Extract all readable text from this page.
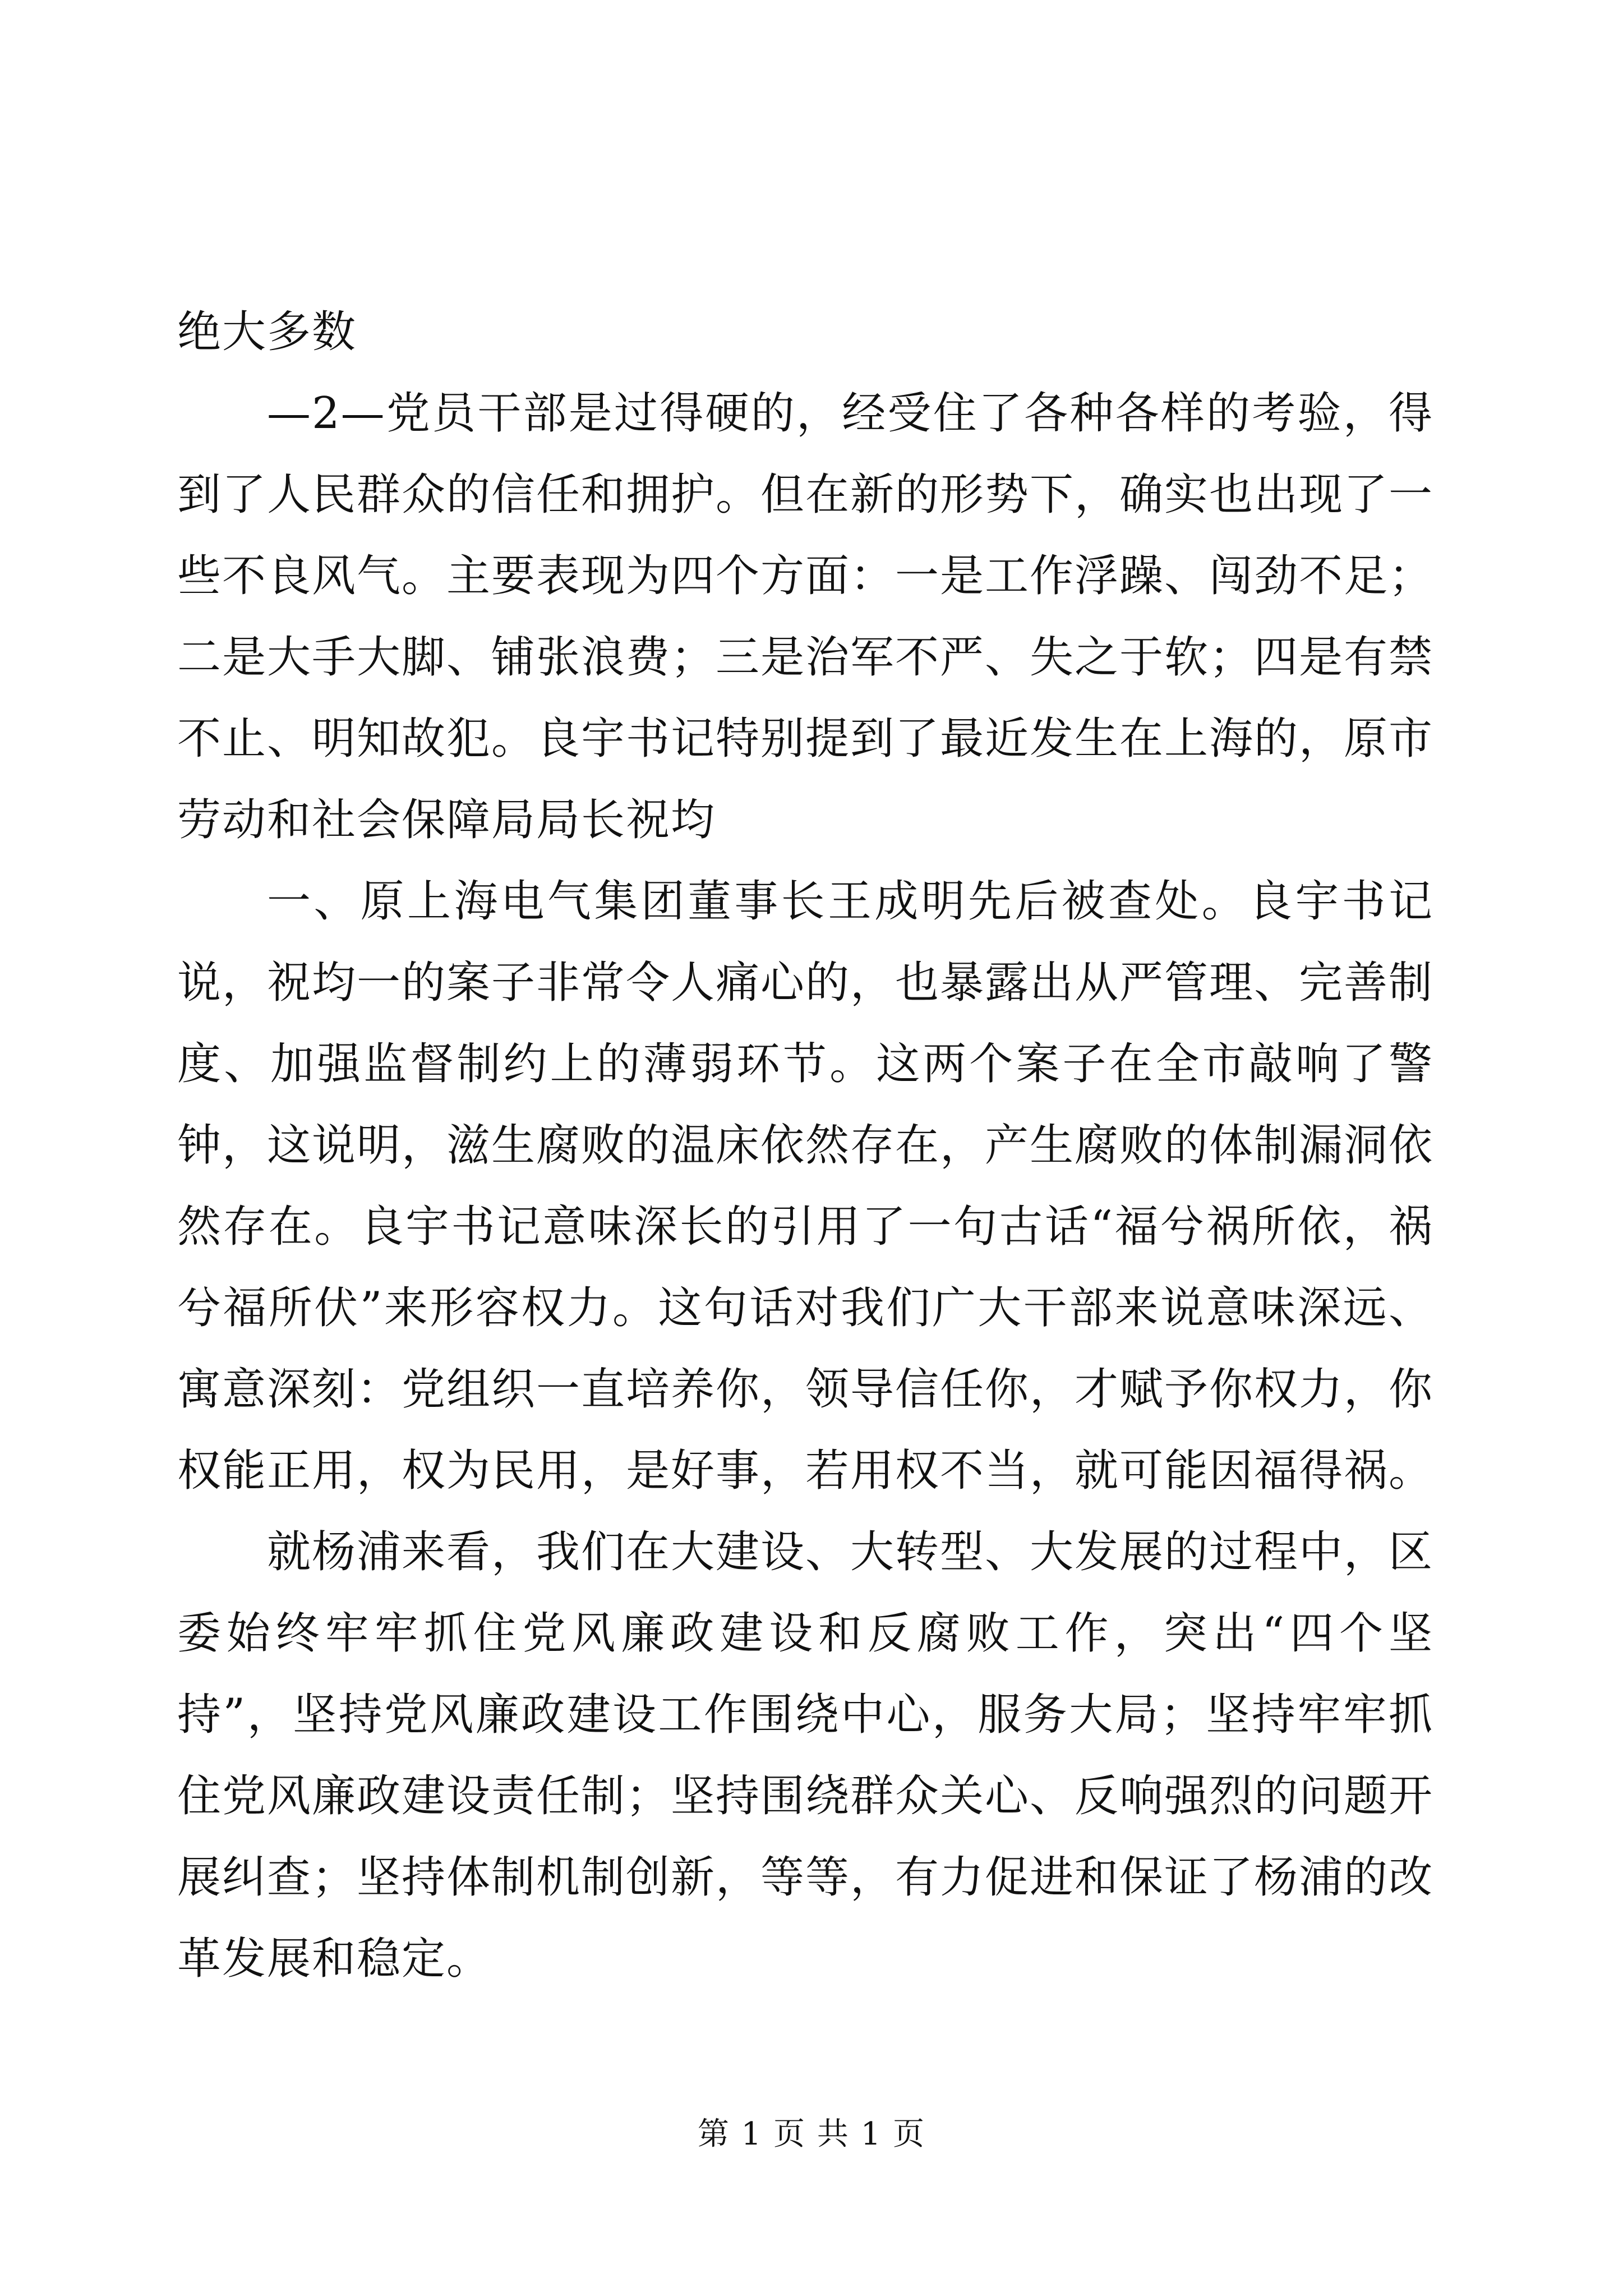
绝大多数

—2—党员干部是过得硬的，经受住了各种各样的考验，得到了人民群众的信任和拥护。但在新的形势下，确实也出现了一些不良风气。主要表现为四个方面：一是工作浮躁、闯劲不足；二是大手大脚、铺张浪费；三是治军不严、失之于软；四是有禁不止、明知故犯。良宇书记特别提到了最近发生在上海的，原市劳动和社会保障局局长祝均

一、原上海电气集团董事长王成明先后被查处。良宇书记说，祝均一的案子非常令人痛心的，也暴露出从严管理、完善制度、加强监督制约上的薄弱环节。这两个案子在全市敲响了警钟，这说明，滋生腐败的温床依然存在，产生腐败的体制漏洞依然存在。良宇书记意味深长的引用了一句古话“福兮祸所依，祸兮福所伏”来形容权力。这句话对我们广大干部来说意味深远、寓意深刻：党组织一直培养你，领导信任你，才赋予你权力，你权能正用，权为民用，是好事，若用权不当，就可能因福得祸。

就杨浦来看，我们在大建设、大转型、大发展的过程中，区委始终牢牢抓住党风廉政建设和反腐败工作，突出“四个坚持”，坚持党风廉政建设工作围绕中心，服务大局；坚持牢牢抓住党风廉政建设责任制；坚持围绕群众关心、反响强烈的问题开展纠查；坚持体制机制创新，等等，有力促进和保证了杨浦的改革发展和稳定。

第 1 页 共 1 页
